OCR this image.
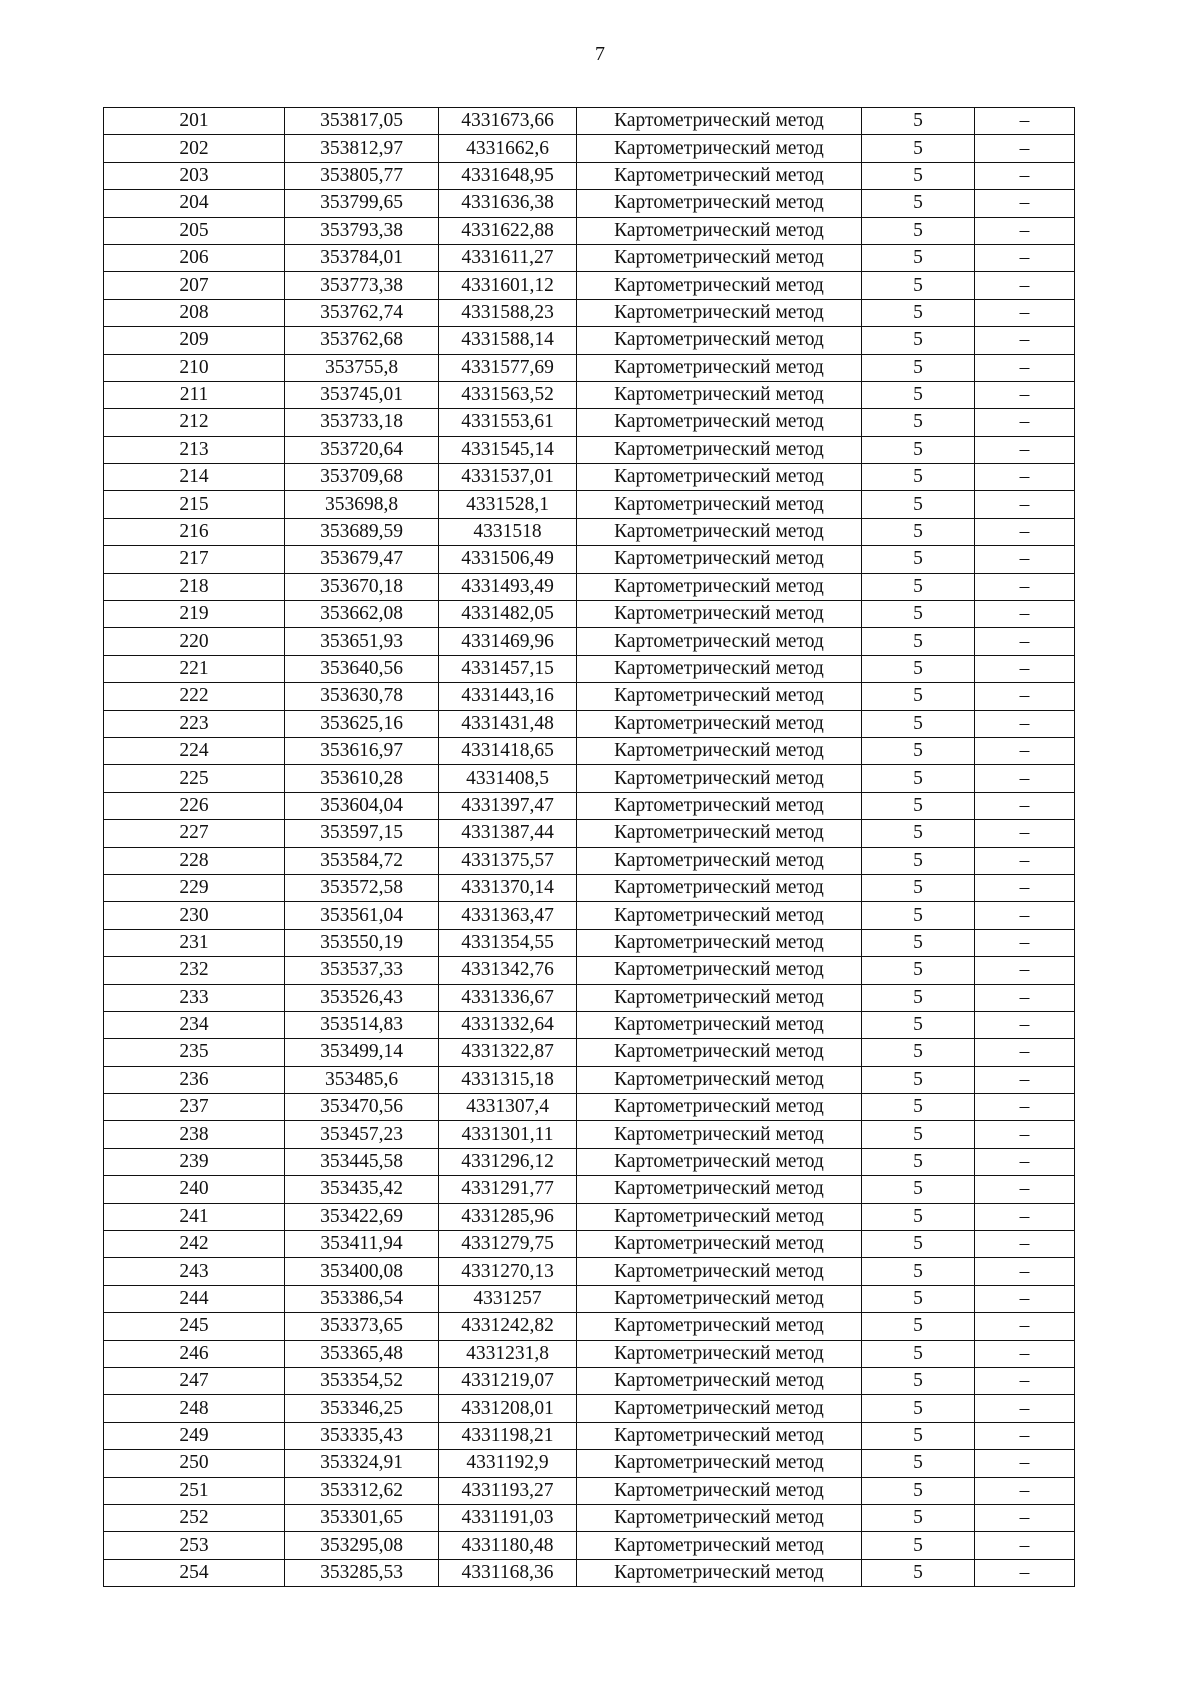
7
201	353817,05	4331673,66	Картометрический метод	5	–
202	353812,97	4331662,6	Картометрический метод	5	–
203	353805,77	4331648,95	Картометрический метод	5	–
204	353799,65	4331636,38	Картометрический метод	5	–
205	353793,38	4331622,88	Картометрический метод	5	–
206	353784,01	4331611,27	Картометрический метод	5	–
207	353773,38	4331601,12	Картометрический метод	5	–
208	353762,74	4331588,23	Картометрический метод	5	–
209	353762,68	4331588,14	Картометрический метод	5	–
210	353755,8	4331577,69	Картометрический метод	5	–
211	353745,01	4331563,52	Картометрический метод	5	–
212	353733,18	4331553,61	Картометрический метод	5	–
213	353720,64	4331545,14	Картометрический метод	5	–
214	353709,68	4331537,01	Картометрический метод	5	–
215	353698,8	4331528,1	Картометрический метод	5	–
216	353689,59	4331518	Картометрический метод	5	–
217	353679,47	4331506,49	Картометрический метод	5	–
218	353670,18	4331493,49	Картометрический метод	5	–
219	353662,08	4331482,05	Картометрический метод	5	–
220	353651,93	4331469,96	Картометрический метод	5	–
221	353640,56	4331457,15	Картометрический метод	5	–
222	353630,78	4331443,16	Картометрический метод	5	–
223	353625,16	4331431,48	Картометрический метод	5	–
224	353616,97	4331418,65	Картометрический метод	5	–
225	353610,28	4331408,5	Картометрический метод	5	–
226	353604,04	4331397,47	Картометрический метод	5	–
227	353597,15	4331387,44	Картометрический метод	5	–
228	353584,72	4331375,57	Картометрический метод	5	–
229	353572,58	4331370,14	Картометрический метод	5	–
230	353561,04	4331363,47	Картометрический метод	5	–
231	353550,19	4331354,55	Картометрический метод	5	–
232	353537,33	4331342,76	Картометрический метод	5	–
233	353526,43	4331336,67	Картометрический метод	5	–
234	353514,83	4331332,64	Картометрический метод	5	–
235	353499,14	4331322,87	Картометрический метод	5	–
236	353485,6	4331315,18	Картометрический метод	5	–
237	353470,56	4331307,4	Картометрический метод	5	–
238	353457,23	4331301,11	Картометрический метод	5	–
239	353445,58	4331296,12	Картометрический метод	5	–
240	353435,42	4331291,77	Картометрический метод	5	–
241	353422,69	4331285,96	Картометрический метод	5	–
242	353411,94	4331279,75	Картометрический метод	5	–
243	353400,08	4331270,13	Картометрический метод	5	–
244	353386,54	4331257	Картометрический метод	5	–
245	353373,65	4331242,82	Картометрический метод	5	–
246	353365,48	4331231,8	Картометрический метод	5	–
247	353354,52	4331219,07	Картометрический метод	5	–
248	353346,25	4331208,01	Картометрический метод	5	–
249	353335,43	4331198,21	Картометрический метод	5	–
250	353324,91	4331192,9	Картометрический метод	5	–
251	353312,62	4331193,27	Картометрический метод	5	–
252	353301,65	4331191,03	Картометрический метод	5	–
253	353295,08	4331180,48	Картометрический метод	5	–
254	353285,53	4331168,36	Картометрический метод	5	–
